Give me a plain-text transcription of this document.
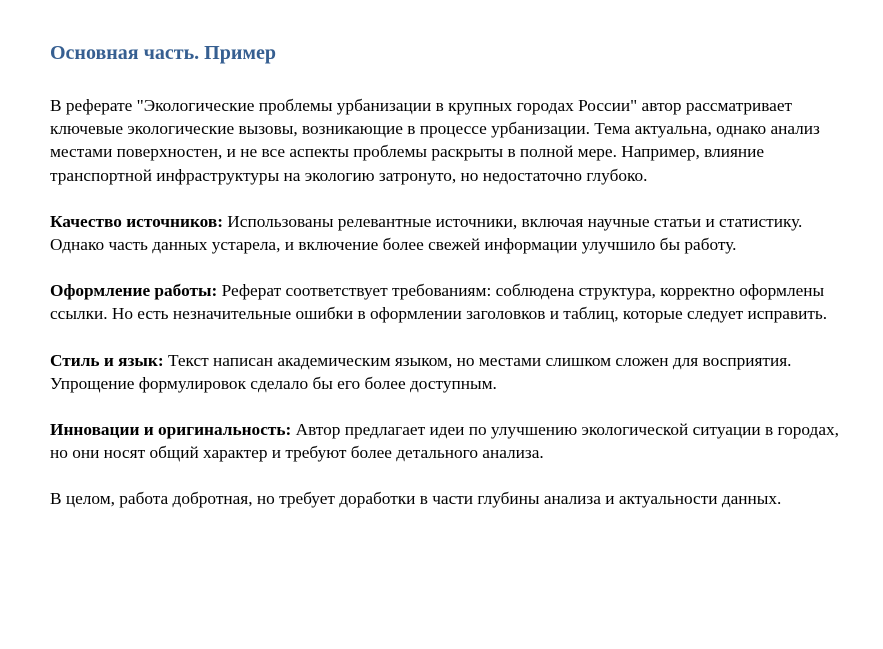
Основная часть. Пример

В реферате "Экологические проблемы урбанизации в крупных городах России" автор рассматривает ключевые экологические вызовы, возникающие в процессе урбанизации. Тема актуальна, однако анализ местами поверхностен, и не все аспекты проблемы раскрыты в полной мере. Например, влияние транспортной инфраструктуры на экологию затронуто, но недостаточно глубоко.

Качество источников: Использованы релевантные источники, включая научные статьи и статистику. Однако часть данных устарела, и включение более свежей информации улучшило бы работу.

Оформление работы: Реферат соответствует требованиям: соблюдена структура, корректно оформлены ссылки. Но есть незначительные ошибки в оформлении заголовков и таблиц, которые следует исправить.

Стиль и язык: Текст написан академическим языком, но местами слишком сложен для восприятия. Упрощение формулировок сделало бы его более доступным.

Инновации и оригинальность: Автор предлагает идеи по улучшению экологической ситуации в городах, но они носят общий характер и требуют более детального анализа.

В целом, работа добротная, но требует доработки в части глубины анализа и актуальности данных.
